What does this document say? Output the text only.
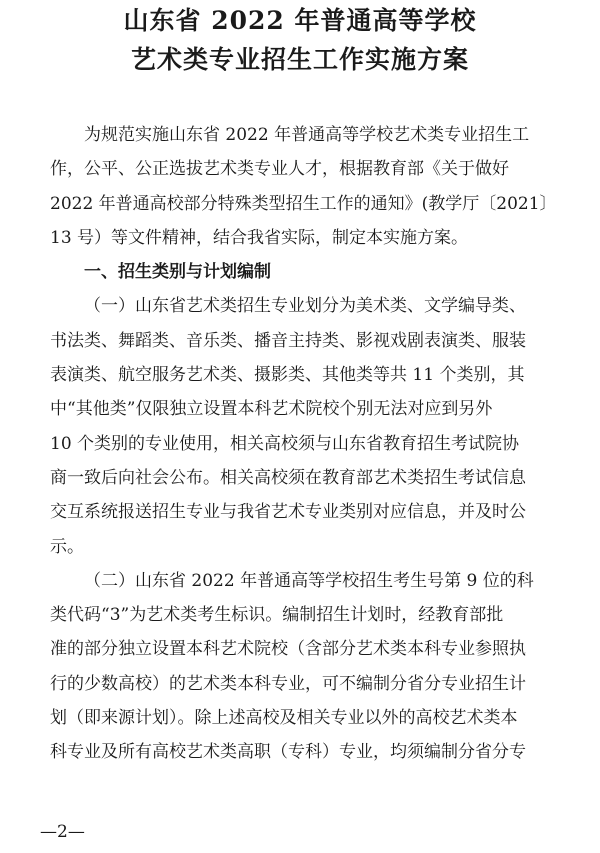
山东省 2022 年普通高等学校
艺术类专业招生工作实施方案
为规范实施山东省 2022 年普通高等学校艺术类专业招生工
作，公平、公正选拔艺术类专业人才，根据教育部《关于做好
2022 年普通高校部分特殊类型招生工作的通知》(教学厅〔2021〕
13 号）等文件精神，结合我省实际，制定本实施方案。
一、招生类别与计划编制
（一）山东省艺术类招生专业划分为美术类、文学编导类、
书法类、舞蹈类、音乐类、播音主持类、影视戏剧表演类、服装
表演类、航空服务艺术类、摄影类、其他类等共 11 个类别，其
中“其他类”仅限独立设置本科艺术院校个别无法对应到另外
10 个类别的专业使用，相关高校须与山东省教育招生考试院协
商一致后向社会公布。相关高校须在教育部艺术类招生考试信息
交互系统报送招生专业与我省艺术专业类别对应信息，并及时公
示。
（二）山东省 2022 年普通高等学校招生考生号第 9 位的科
类代码“3”为艺术类考生标识。编制招生计划时，经教育部批
准的部分独立设置本科艺术院校（含部分艺术类本科专业参照执
行的少数高校）的艺术类本科专业，可不编制分省分专业招生计
划（即来源计划）。除上述高校及相关专业以外的高校艺术类本
科专业及所有高校艺术类高职（专科）专业，均须编制分省分专
—2—
